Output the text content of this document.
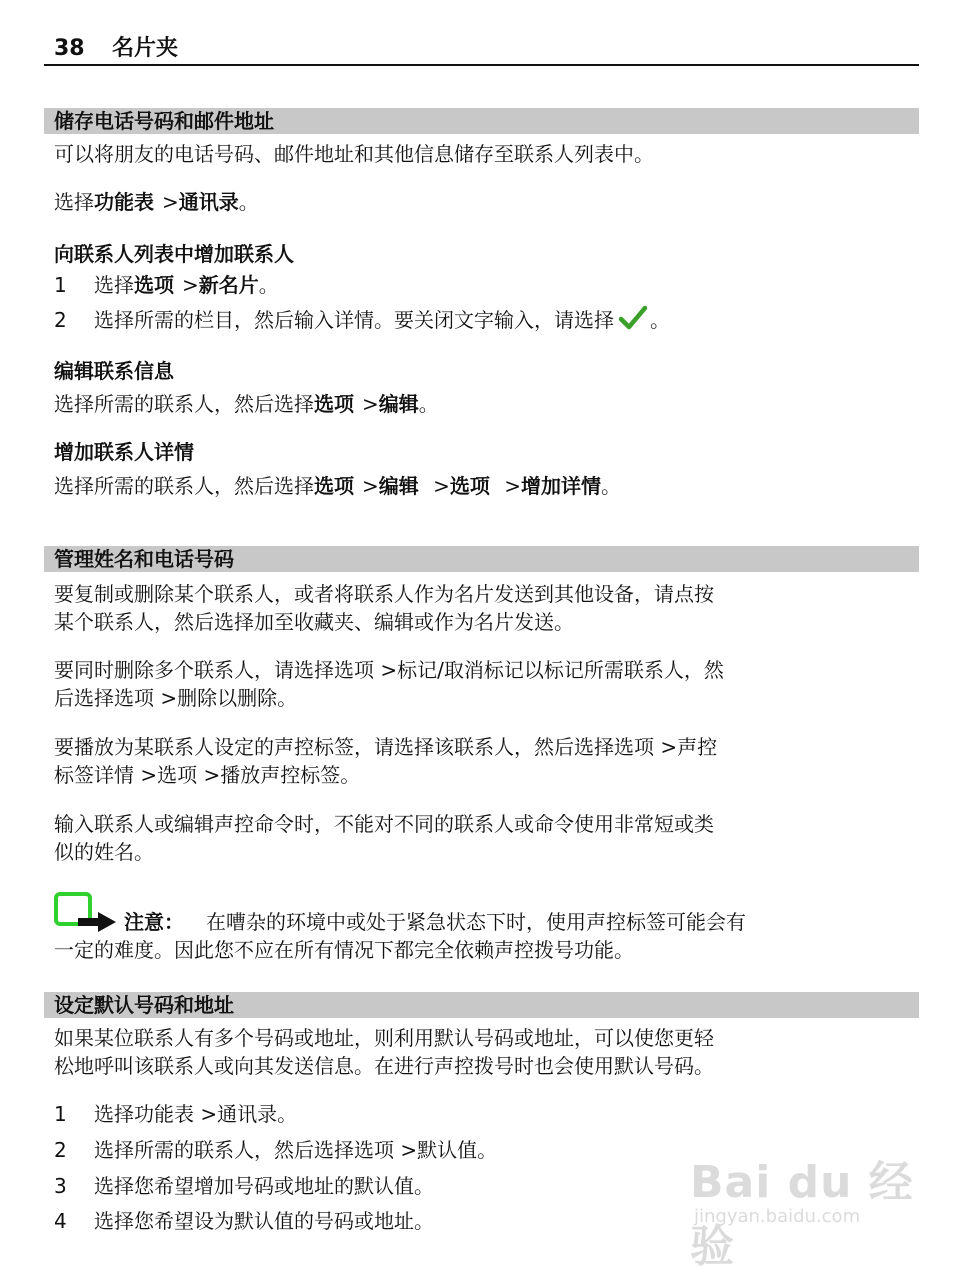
38 名片夹
储存电话号码和邮件地址
可以将朋友的电话号码、邮件地址和其他信息储存至联系人列表中。
选择功能表 >通讯录。
向联系人列表中增加联系人
1 选择选项 >新名片。
2 选择所需的栏目，然后输入详情。要关闭文字输入，请选择 。
编辑联系信息
选择所需的联系人，然后选择选项 >编辑。
增加联系人详情
选择所需的联系人，然后选择选项 >编辑 >选项 >增加详情。
管理姓名和电话号码
要复制或删除某个联系人，或者将联系人作为名片发送到其他设备，请点按
某个联系人，然后选择加至收藏夹、编辑或作为名片发送。
要同时删除多个联系人，请选择选项 >标记/取消标记以标记所需联系人，然
后选择选项 >删除以删除。
要播放为某联系人设定的声控标签，请选择该联系人，然后选择选项 >声控
标签详情 >选项 >播放声控标签。
输入联系人或编辑声控命令时，不能对不同的联系人或命令使用非常短或类
似的姓名。
注意： 在嘈杂的环境中或处于紧急状态下时，使用声控标签可能会有
一定的难度。因此您不应在所有情况下都完全依赖声控拨号功能。
设定默认号码和地址
如果某位联系人有多个号码或地址，则利用默认号码或地址，可以使您更轻
松地呼叫该联系人或向其发送信息。在进行声控拨号时也会使用默认号码。
1 选择功能表 >通讯录。
2 选择所需的联系人，然后选择选项 >默认值。
3 选择您希望增加号码或地址的默认值。
4 选择您希望设为默认值的号码或地址。
Bai du 经验
jingyan.baidu.com
